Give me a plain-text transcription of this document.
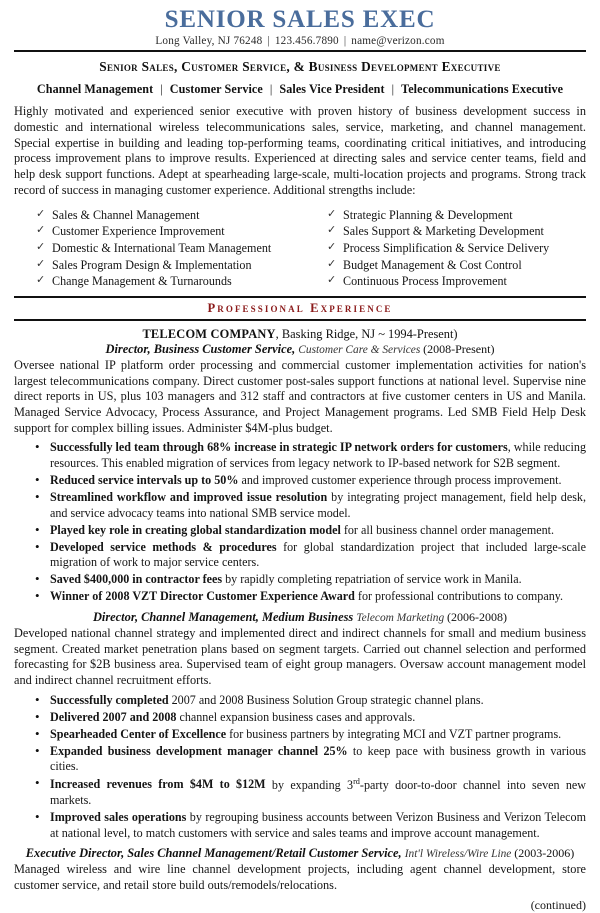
SENIOR SALES EXEC
Long Valley, NJ 76248 | 123.456.7890 | name@verizon.com
Senior Sales, Customer Service, & Business Development Executive
Channel Management | Customer Service | Sales Vice President | Telecommunications Executive
Highly motivated and experienced senior executive with proven history of business development success in domestic and international wireless telecommunications sales, service, marketing, and channel management. Special expertise in building and leading top-performing teams, coordinating critical initiatives, and introducing process improvement plans to improve results. Experienced at directing sales and service center teams, field and help desk support functions. Adept at spearheading large-scale, multi-location projects and programs. Strong track record of success in managing customer experience. Additional strengths include:
✓ Sales & Channel Management
✓ Customer Experience Improvement
✓ Domestic & International Team Management
✓ Sales Program Design & Implementation
✓ Change Management & Turnarounds
✓ Strategic Planning & Development
✓ Sales Support & Marketing Development
✓ Process Simplification & Service Delivery
✓ Budget Management & Cost Control
✓ Continuous Process Improvement
Professional Experience
TELECOM COMPANY, Basking Ridge, NJ ~ 1994-Present)
Director, Business Customer Service, Customer Care & Services (2008-Present)
Oversee national IP platform order processing and commercial customer implementation activities for nation's largest telecommunications company. Direct customer post-sales support functions at national level. Supervise nine direct reports in US, plus 103 managers and 312 staff and contractors at five customer centers in US and Manila. Managed Service Advocacy, Process Assurance, and Project Management programs. Led SMB Field Help Desk support for complex billing issues. Administer $4M-plus budget.
• Successfully led team through 68% increase in strategic IP network orders for customers, while reducing resources. This enabled migration of services from legacy network to IP-based network for S2B segment.
• Reduced service intervals up to 50% and improved customer experience through process improvement.
• Streamlined workflow and improved issue resolution by integrating project management, field help desk, and service advocacy teams into national SMB service model.
• Played key role in creating global standardization model for all business channel order management.
• Developed service methods & procedures for global standardization project that included large-scale migration of work to major service centers.
• Saved $400,000 in contractor fees by rapidly completing repatriation of service work in Manila.
• Winner of 2008 VZT Director Customer Experience Award for professional contributions to company.
Director, Channel Management, Medium Business Telecom Marketing (2006-2008)
Developed national channel strategy and implemented direct and indirect channels for small and medium business segment. Created market penetration plans based on segment targets. Carried out channel selection and performed forecasting for $2B business area. Supervised team of eight group managers. Oversaw account management model and indirect channel recruitment efforts.
• Successfully completed 2007 and 2008 Business Solution Group strategic channel plans.
• Delivered 2007 and 2008 channel expansion business cases and approvals.
• Spearheaded Center of Excellence for business partners by integrating MCI and VZT partner programs.
• Expanded business development manager channel 25% to keep pace with business growth in various cities.
• Increased revenues from $4M to $12M by expanding 3rd-party door-to-door channel into seven new markets.
• Improved sales operations by regrouping business accounts between Verizon Business and Verizon Telecom at national level, to match customers with service and sales teams and improve account management.
Executive Director, Sales Channel Management/Retail Customer Service, Int'l Wireless/Wire Line (2003-2006)
Managed wireless and wire line channel development projects, including agent channel development, store customer service, and retail store build outs/remodels/relocations.
(continued)
